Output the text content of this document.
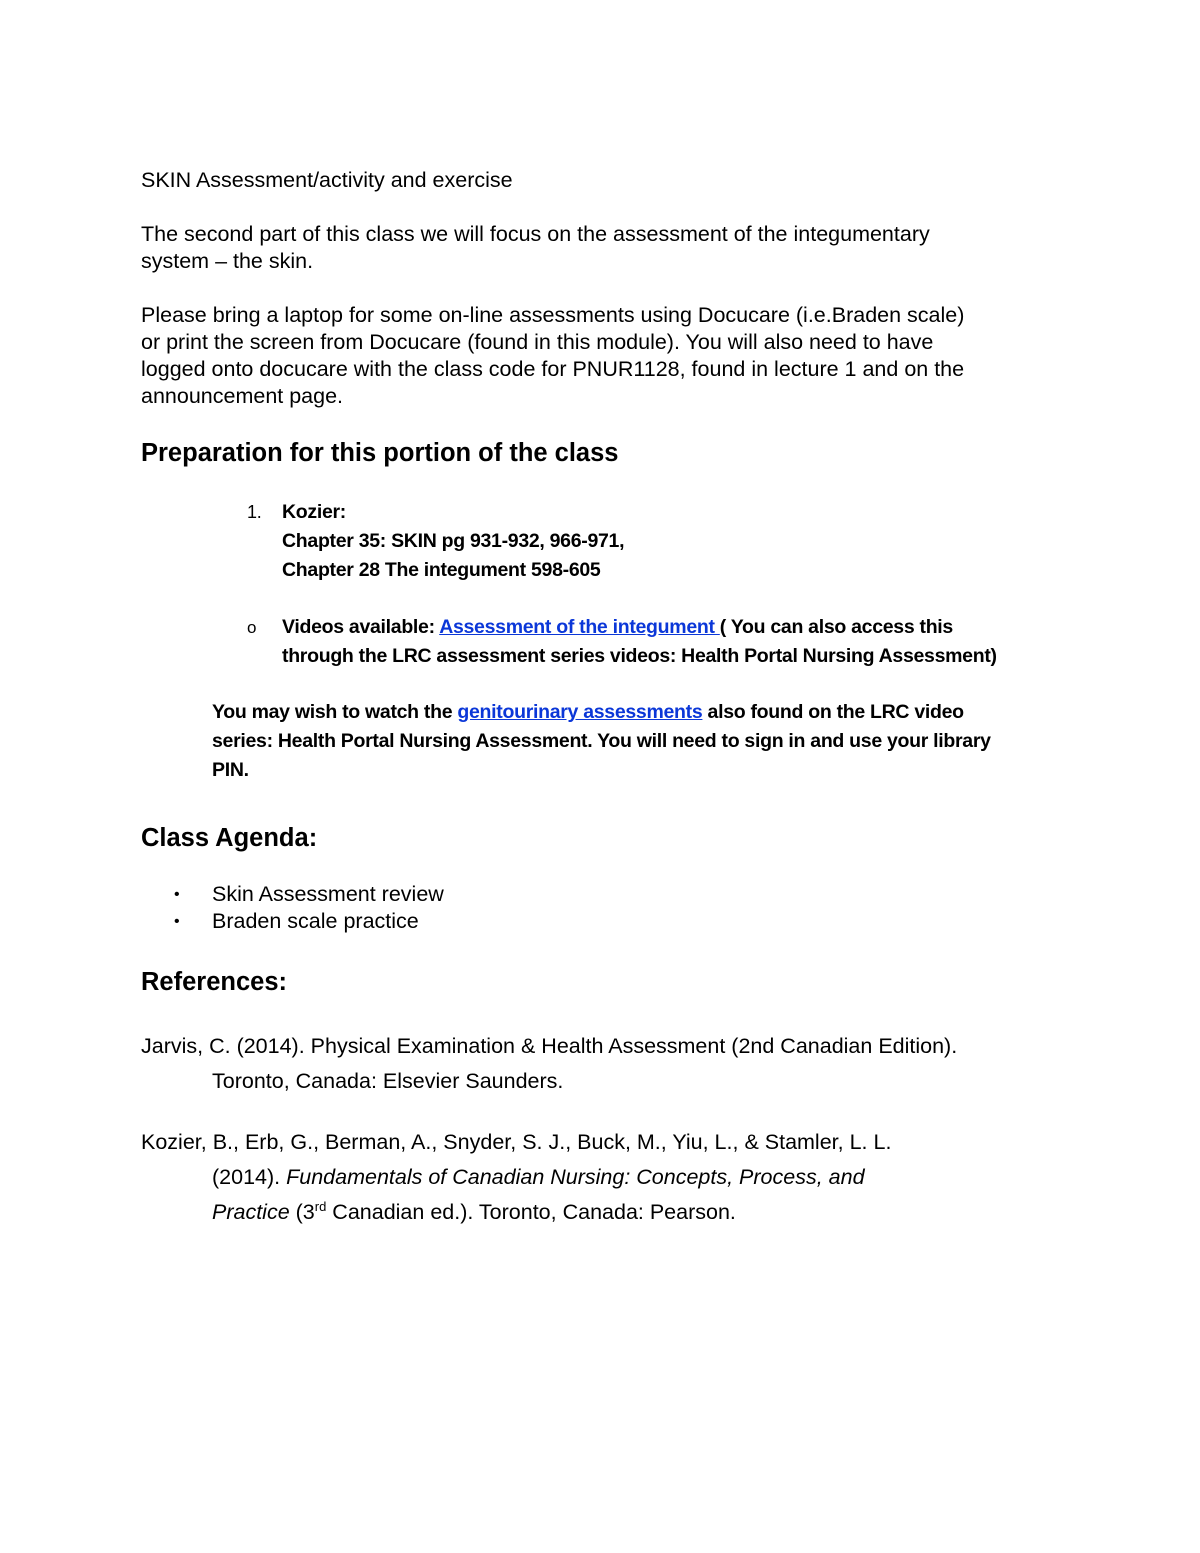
SKIN Assessment/activity and exercise

The second part of this class we will focus on the assessment of the integumentary
system – the skin.

Please bring a laptop for some on-line assessments using Docucare (i.e.Braden scale)
or print the screen from Docucare (found in this module). You will also need to have
logged onto docucare with the class code for PNUR1128, found in lecture 1 and on the
announcement page.

Preparation for this portion of the class
1. Kozier:
Chapter 35: SKIN pg 931-932, 966-971,
Chapter 28 The integument 598-605
o Videos available: Assessment of the integument ( You can also access this
through the LRC assessment series videos: Health Portal Nursing Assessment)

You may wish to watch the genitourinary assessments also found on the LRC video
series: Health Portal Nursing Assessment. You will need to sign in and use your library
PIN.

Class Agenda:
• Skin Assessment review
• Braden scale practice
References:

Jarvis, C. (2014). Physical Examination & Health Assessment (2nd Canadian Edition).
Toronto, Canada: Elsevier Saunders.

Kozier, B., Erb, G., Berman, A., Snyder, S. J., Buck, M., Yiu, L., & Stamler, L. L.
(2014). Fundamentals of Canadian Nursing: Concepts, Process, and
Practice (3rd Canadian ed.). Toronto, Canada: Pearson.
